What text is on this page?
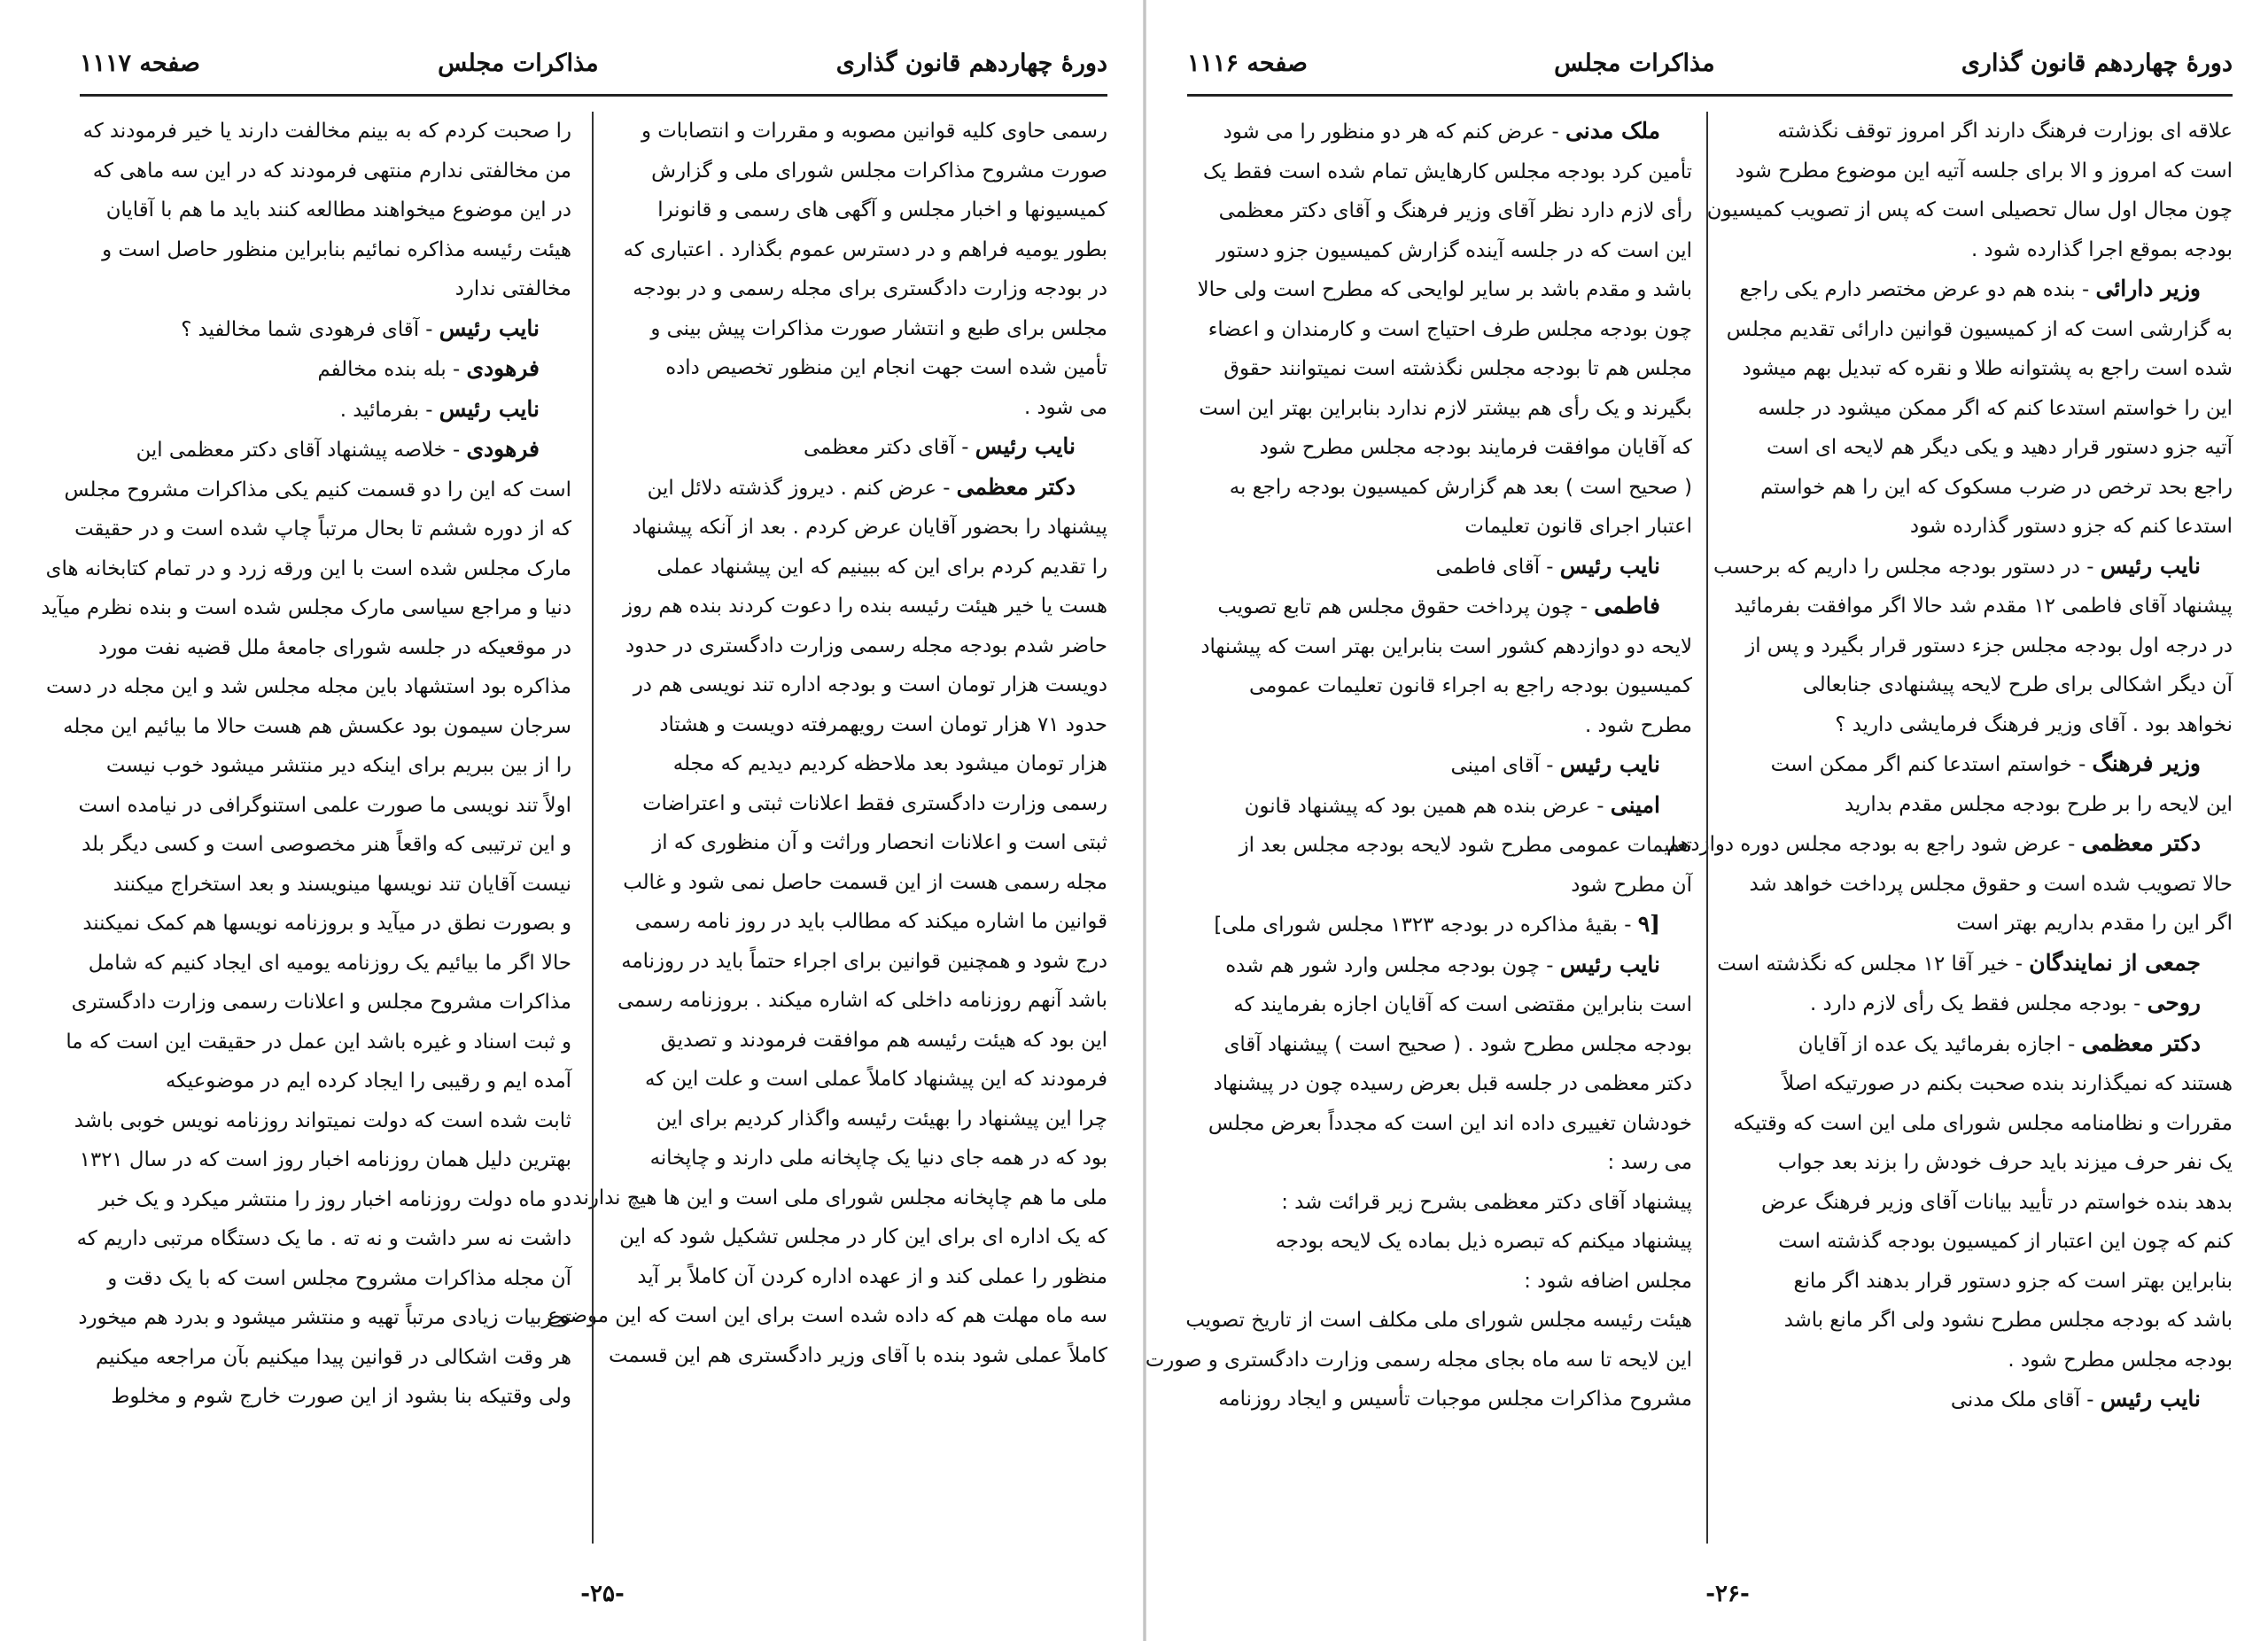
دورهٔ چهاردهم قانون گذاری
مذاکرات مجلس
صفحه ۱۱۱۷
رسمی حاوی کلیه قوانین مصوبه و مقررات و انتصابات و
صورت مشروح مذاکرات مجلس شورای ملی و گزارش
کمیسیونها و اخبار مجلس و آگهی های رسمی و قانونرا
بطور یومیه فراهم و در دسترس عموم بگذارد . اعتباری که
در بودجه وزارت دادگستری برای مجله رسمی و در بودجه
مجلس برای طبع و انتشار صورت مذاکرات پیش بینی و
تأمین شده است جهت انجام این منظور تخصیص داده
می شود .
نایب رئیس - آقای دکتر معظمی
دکتر معظمی - عرض کنم . دیروز گذشته دلائل این
پیشنهاد را بحضور آقایان عرض کردم . بعد از آنکه پیشنهاد
را تقدیم کردم برای این که ببینیم که این پیشنهاد عملی
هست یا خیر هیئت رئیسه بنده را دعوت کردند بنده هم روز
حاضر شدم بودجه مجله رسمی وزارت دادگستری در حدود
دویست هزار تومان است و بودجه اداره تند نویسی هم در
حدود ۷۱ هزار تومان است رویهمرفته دویست و هشتاد
هزار تومان میشود بعد ملاحظه کردیم دیدیم که مجله
رسمی وزارت دادگستری فقط اعلانات ثبتی و اعتراضات
ثبتی است و اعلانات انحصار وراثت و آن منظوری که از
مجله رسمی هست از این قسمت حاصل نمی شود و غالب
قوانین ما اشاره میکند که مطالب باید در روز نامه رسمی
درج شود و همچنین قوانین برای اجراء حتماً باید در روزنامه
باشد آنهم روزنامه داخلی که اشاره میکند . بروزنامه رسمی
این بود که هیئت رئیسه هم موافقت فرمودند و تصدیق
فرمودند که این پیشنهاد کاملاً عملی است و علت این که
چرا این پیشنهاد را بهیئت رئیسه واگذار کردیم برای این
بود که در همه جای دنیا یک چاپخانه ملی دارند و چاپخانه
ملی ما هم چاپخانه مجلس شورای ملی است و این ها هیچ ندارند
که یک اداره ای برای این کار در مجلس تشکیل شود که این
منظور را عملی کند و از عهده اداره کردن آن کاملاً بر آید
سه ماه مهلت هم که داده شده است برای این است که این موضوع
کاملاً عملی شود بنده با آقای وزیر دادگستری هم این قسمت
را صحبت کردم که به بینم مخالفت دارند یا خیر فرمودند که
من مخالفتی ندارم منتهی فرمودند که در این سه ماهی که
در این موضوع میخواهند مطالعه کنند باید ما هم با آقایان
هیئت رئیسه مذاکره نمائیم بنابراین منظور حاصل است و
مخالفتی ندارد
نایب رئیس - آقای فرهودی شما مخالفید ؟
فرهودی - بله بنده مخالفم
نایب رئیس - بفرمائید .
فرهودی - خلاصه پیشنهاد آقای دکتر معظمی این
است که این را دو قسمت کنیم یکی مذاکرات مشروح مجلس
که از دوره ششم تا بحال مرتباً چاپ شده است و در حقیقت
مارک مجلس شده است با این ورقه زرد و در تمام کتابخانه های
دنیا و مراجع سیاسی مارک مجلس شده است و بنده نظرم میآید
در موقعیکه در جلسه شورای جامعهٔ ملل قضیه نفت مورد
مذاکره بود استشهاد باین مجله مجلس شد و این مجله در دست
سرجان سیمون بود عکسش هم هست حالا ما بیائیم این مجله
را از بین ببریم برای اینکه دیر منتشر میشود خوب نیست
اولاً تند نویسی ما صورت علمی استنوگرافی در نیامده است
و این ترتیبی که واقعاً هنر مخصوصی است و کسی دیگر بلد
نیست آقایان تند نویسها مینویسند و بعد استخراج میکنند
و بصورت نطق در میآید و بروزنامه نویسها هم کمک نمیکنند
حالا اگر ما بیائیم یک روزنامه یومیه ای ایجاد کنیم که شامل
مذاکرات مشروح مجلس و اعلانات رسمی وزارت دادگستری
و ثبت اسناد و غیره باشد این عمل در حقیقت این است که ما
آمده ایم و رقیبی را ایجاد کرده ایم در موضوعیکه
ثابت شده است که دولت نمیتواند روزنامه نویس خوبی باشد
بهترین دلیل همان روزنامه اخبار روز است که در سال ۱۳۲۱
دو ماه دولت روزنامه اخبار روز را منتشر میکرد و یک خبر
داشت نه سر داشت و نه ته . ما یک دستگاه مرتبی داریم که
آن مجله مذاکرات مشروح مجلس است که با یک دقت و
تجربیات زیادی مرتباً تهیه و منتشر میشود و بدرد هم میخورد
هر وقت اشکالی در قوانین پیدا میکنیم بآن مراجعه میکنیم
ولی وقتیکه بنا بشود از این صورت خارج شوم و مخلوط
-۲۵-
دورهٔ چهاردهم قانون گذاری
مذاکرات مجلس
صفحه ۱۱۱۶
علاقه ای بوزارت فرهنگ دارند اگر امروز توقف نگذشته
است که امروز و الا برای جلسه آتیه این موضوع مطرح شود
چون مجال اول سال تحصیلی است که پس از تصویب کمیسیون
بودجه بموقع اجرا گذارده شود .
وزیر دارائی - بنده هم دو عرض مختصر دارم یکی راجع
به گزارشی است که از کمیسیون قوانین دارائی تقدیم مجلس
شده است راجع به پشتوانه طلا و نقره که تبدیل بهم میشود
این را خواستم استدعا کنم که اگر ممکن میشود در جلسه
آتیه جزو دستور قرار دهید و یکی دیگر هم لایحه ای است
راجع بحد ترخص در ضرب مسکوک که این را هم خواستم
استدعا کنم که جزو دستور گذارده شود
نایب رئیس - در دستور بودجه مجلس را داریم که برحسب
پیشنهاد آقای فاطمی ۱۲ مقدم شد حالا اگر موافقت بفرمائید
در درجه اول بودجه مجلس جزء دستور قرار بگیرد و پس از
آن دیگر اشکالی برای طرح لایحه پیشنهادی جنابعالی
نخواهد بود . آقای وزیر فرهنگ فرمایشی دارید ؟
وزیر فرهنگ - خواستم استدعا کنم اگر ممکن است
این لایحه را بر طرح بودجه مجلس مقدم بدارید
دکتر معظمی - عرض شود راجع به بودجه مجلس دوره دوازدهم
حالا تصویب شده است و حقوق مجلس پرداخت خواهد شد
اگر این را مقدم بداریم بهتر است
جمعی از نمایندگان - خیر آقا ۱۲ مجلس که نگذشته است
روحی - بودجه مجلس فقط یک رأی لازم دارد .
دکتر معظمی - اجازه بفرمائید یک عده از آقایان
هستند که نمیگذارند بنده صحبت بکنم در صورتیکه اصلاً
مقررات و نظامنامه مجلس شورای ملی این است که وقتیکه
یک نفر حرف میزند باید حرف خودش را بزند بعد جواب
بدهد بنده خواستم در تأیید بیانات آقای وزیر فرهنگ عرض
کنم که چون این اعتبار از کمیسیون بودجه گذشته است
بنابراین بهتر است که جزو دستور قرار بدهند اگر مانع
باشد که بودجه مجلس مطرح نشود ولی اگر مانع باشد
بودجه مجلس مطرح شود .
نایب رئیس - آقای ملک مدنی
ملک مدنی - عرض کنم که هر دو منظور را می شود
تأمین کرد بودجه مجلس کارهایش تمام شده است فقط یک
رأی لازم دارد نظر آقای وزیر فرهنگ و آقای دکتر معظمی
این است که در جلسه آینده گزارش کمیسیون جزو دستور
باشد و مقدم باشد بر سایر لوایحی که مطرح است ولی حالا
چون بودجه مجلس طرف احتیاج است و کارمندان و اعضاء
مجلس هم تا بودجه مجلس نگذشته است نمیتوانند حقوق
بگیرند و یک رأی هم بیشتر لازم ندارد بنابراین بهتر این است
که آقایان موافقت فرمایند بودجه مجلس مطرح شود
( صحیح است ) بعد هم گزارش کمیسیون بودجه راجع به
اعتبار اجرای قانون تعلیمات
نایب رئیس - آقای فاطمی
فاطمی - چون پرداخت حقوق مجلس هم تابع تصویب
لایحه دو دوازدهم کشور است بنابراین بهتر است که پیشنهاد
کمیسیون بودجه راجع به اجراء قانون تعلیمات عمومی
مطرح شود .
نایب رئیس - آقای امینی
امینی - عرض بنده هم همین بود که پیشنهاد قانون
تعلیمات عمومی مطرح شود لایحه بودجه مجلس بعد از
آن مطرح شود
[۹ - بقیهٔ مذاکره در بودجه ۱۳۲۳ مجلس شورای ملی]
نایب رئیس - چون بودجه مجلس وارد شور هم شده
است بنابراین مقتضی است که آقایان اجازه بفرمایند که
بودجه مجلس مطرح شود . ( صحیح است ) پیشنهاد آقای
دکتر معظمی در جلسه قبل بعرض رسیده چون در پیشنهاد
خودشان تغییری داده اند این است که مجدداً بعرض مجلس
می رسد :
پیشنهاد آقای دکتر معظمی بشرح زیر قرائت شد :
پیشنهاد میکنم که تبصره ذیل بماده یک لایحه بودجه
مجلس اضافه شود :
هیئت رئیسه مجلس شورای ملی مکلف است از تاریخ تصویب
این لایحه تا سه ماه بجای مجله رسمی وزارت دادگستری و صورت
مشروح مذاکرات مجلس موجبات تأسیس و ایجاد روزنامه
-۲۶-
